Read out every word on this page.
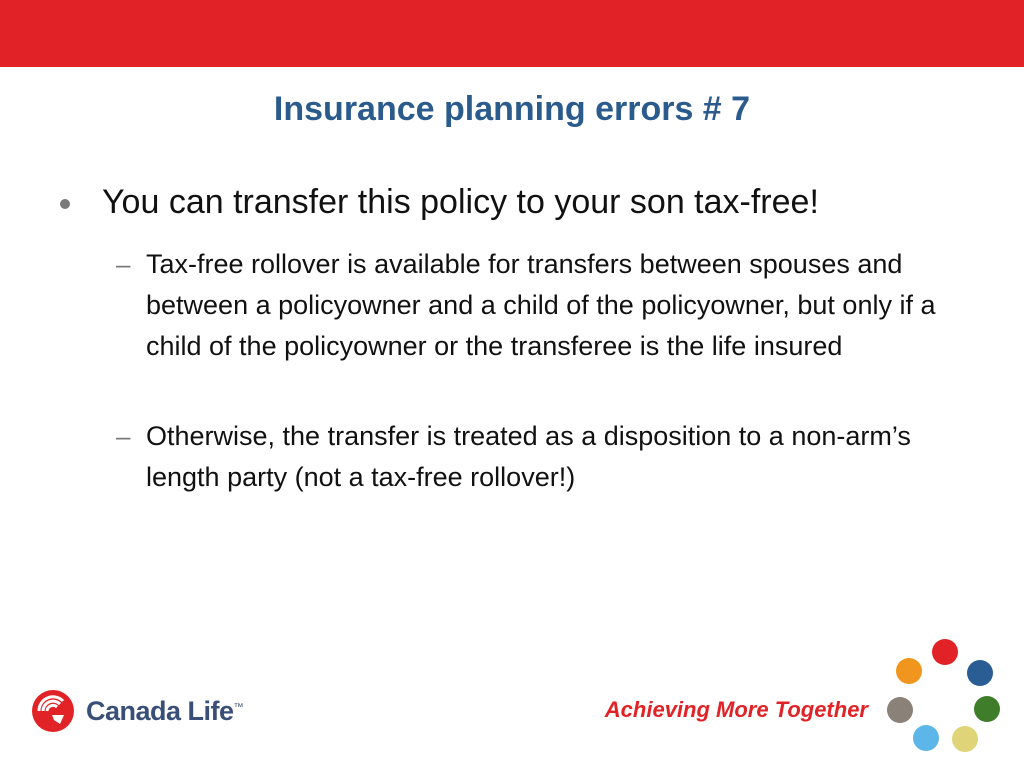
Insurance planning errors # 7
You can transfer this policy to your son tax-free!
– Tax-free rollover is available for transfers between spouses and between a policyowner and a child of the policyowner, but only if a child of the policyowner or the transferee is the life insured
– Otherwise, the transfer is treated as a disposition to a non-arm’s length party (not a tax-free rollover!)
Canada Life™	Achieving More Together
